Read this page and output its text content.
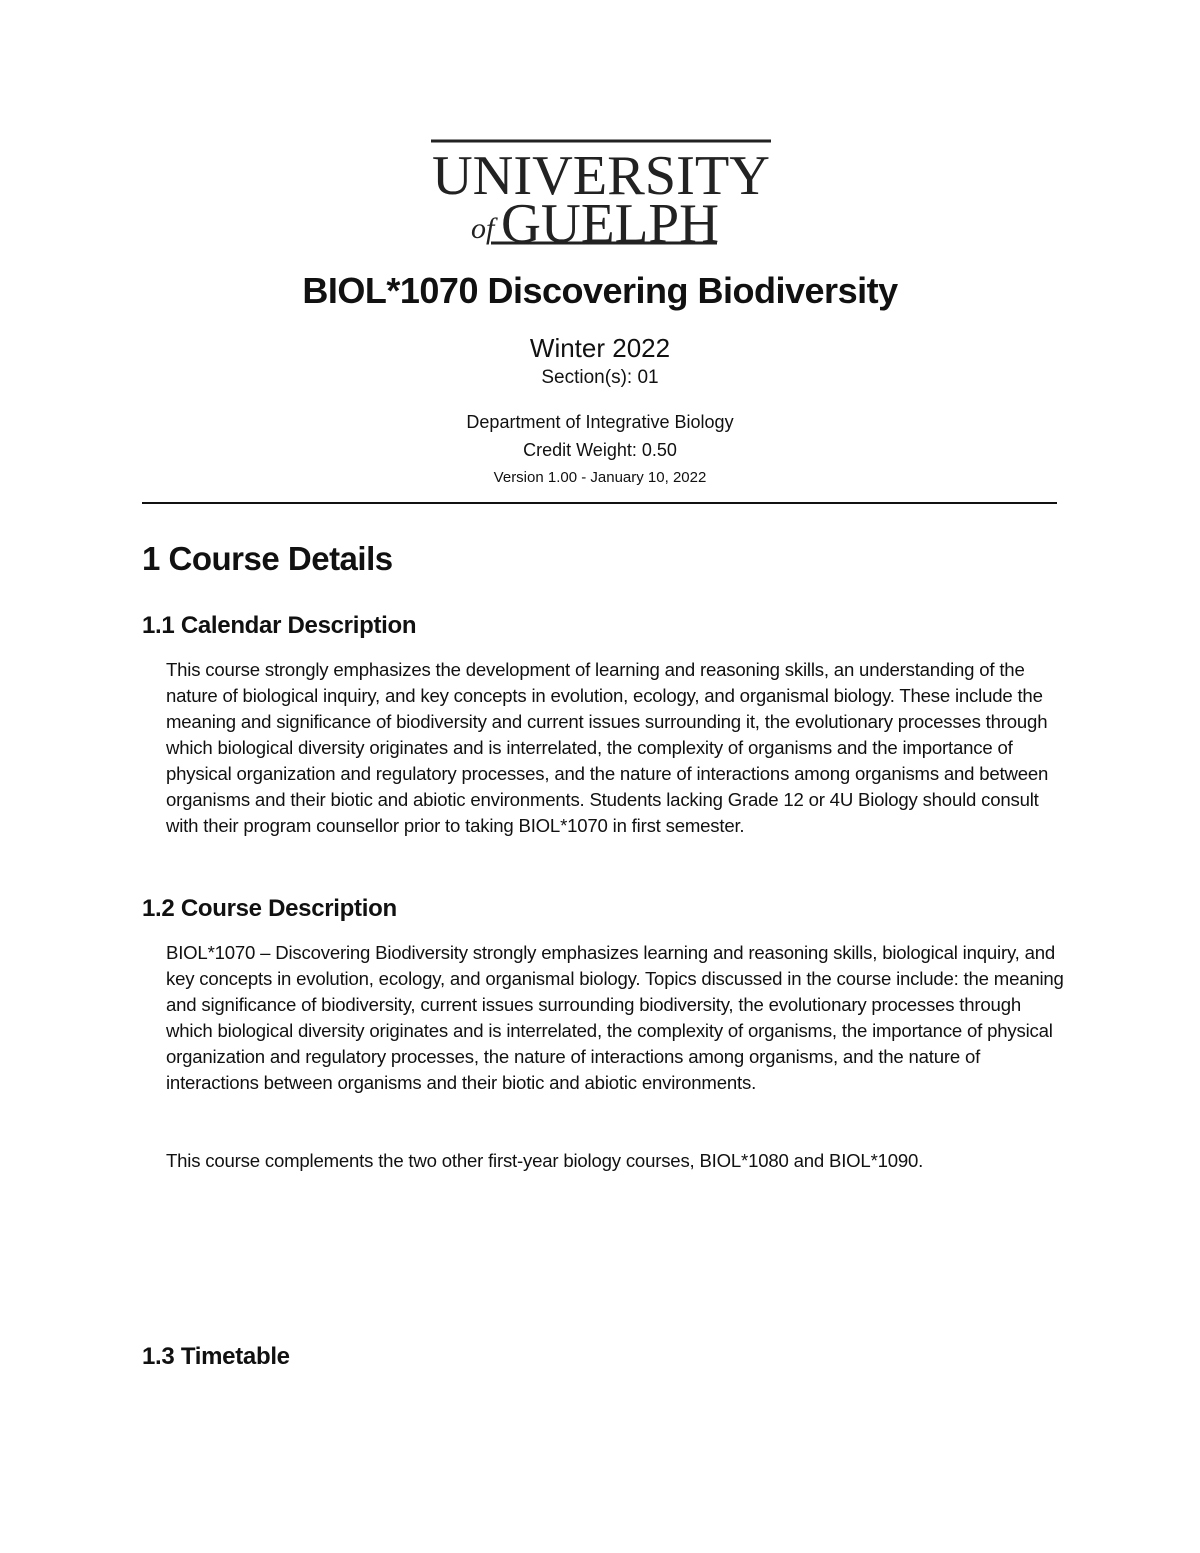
UNIVERSITY
of GUELPH
BIOL*1070 Discovering Biodiversity

Winter 2022

Section(s): 01

Department of Integrative Biology

Credit Weight: 0.50

Version 1.00 - January 10, 2022

1 Course Details
1.1 Calendar Description

This course strongly emphasizes the development of learning and reasoning skills, an understanding of the nature of biological inquiry, and key concepts in evolution, ecology, and organismal biology. These include the meaning and significance of biodiversity and current issues surrounding it, the evolutionary processes through which biological diversity originates and is interrelated, the complexity of organisms and the importance of physical organization and regulatory processes, and the nature of interactions among organisms and between organisms and their biotic and abiotic environments. Students lacking Grade 12 or 4U Biology should consult with their program counsellor prior to taking BIOL*1070 in first semester.

1.2 Course Description

BIOL*1070 – Discovering Biodiversity strongly emphasizes learning and reasoning skills, biological inquiry, and key concepts in evolution, ecology, and organismal biology. Topics discussed in the course include: the meaning and significance of biodiversity, current issues surrounding biodiversity, the evolutionary processes through which biological diversity originates and is interrelated, the complexity of organisms, the importance of physical organization and regulatory processes, the nature of interactions among organisms, and the nature of interactions between organisms and their biotic and abiotic environments.

This course complements the two other first-year biology courses, BIOL*1080 and BIOL*1090.

1.3 Timetable
